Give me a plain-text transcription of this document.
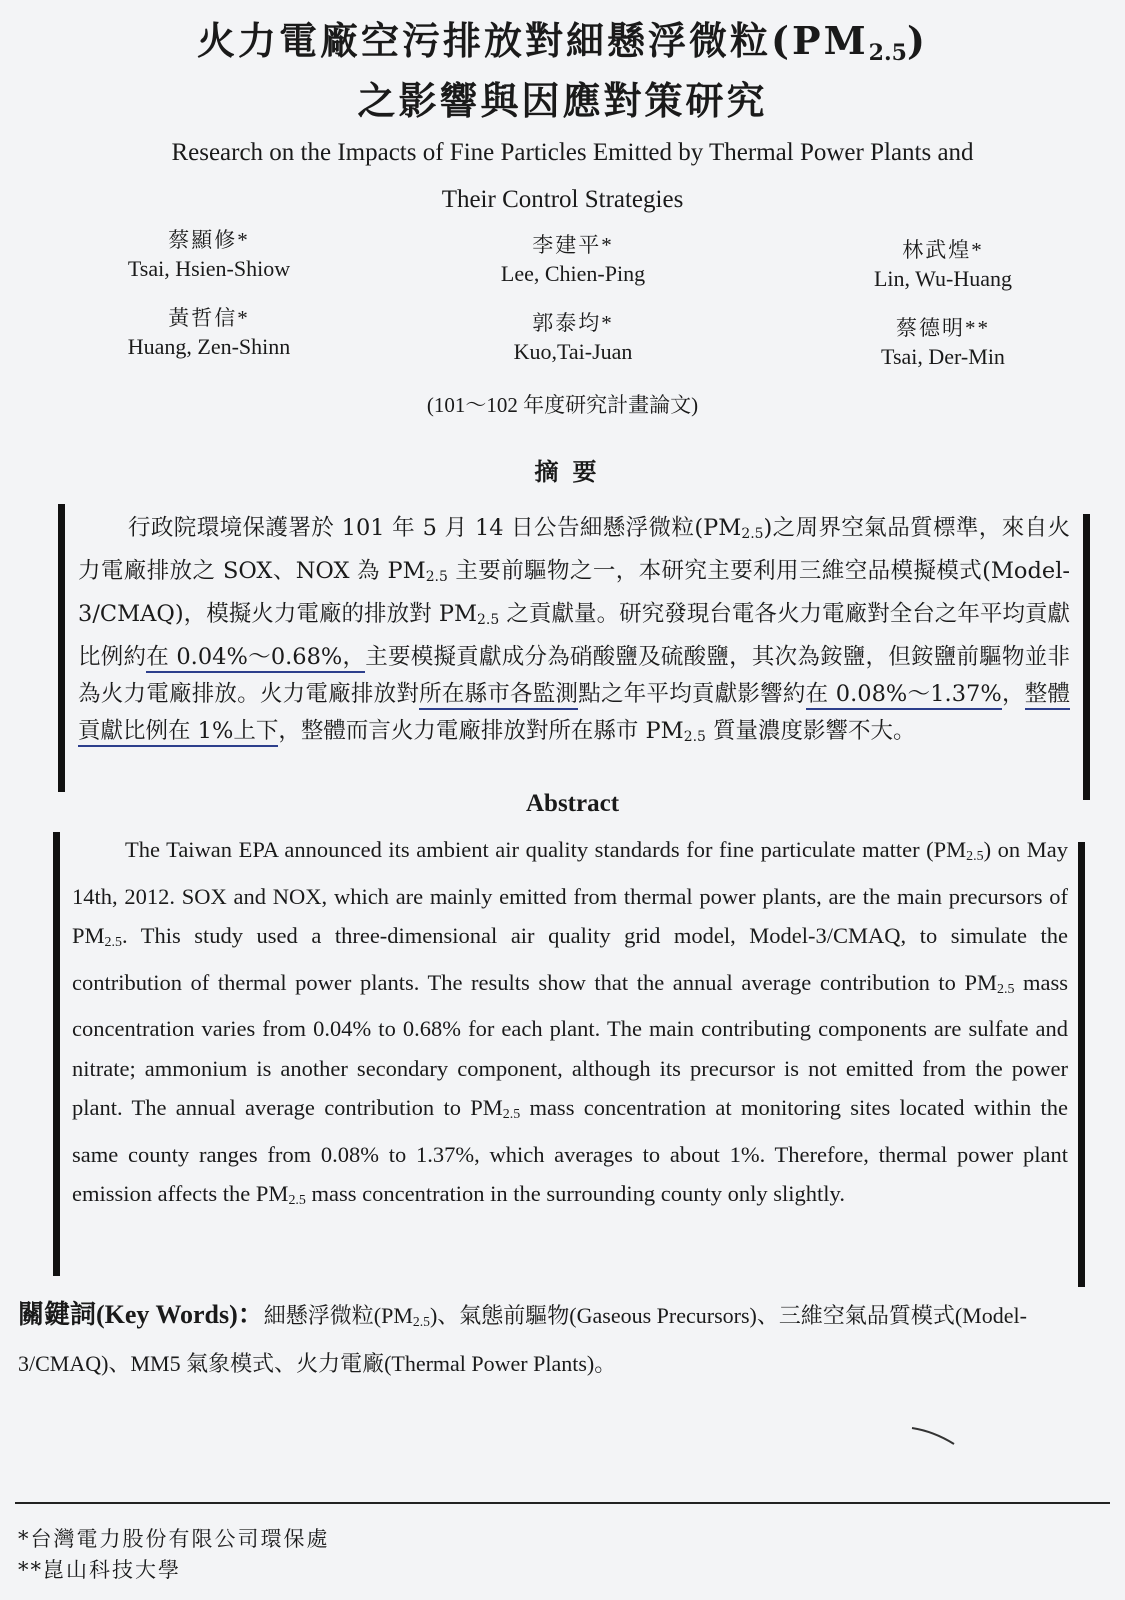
火力電廠空污排放對細懸浮微粒$(PM_{2.5})$
之影響與因應對策研究
Research on the Impacts of Fine Particles Emitted by Thermal Power Plants and
Their Control Strategies
蔡顯修*
Tsai, Hsien-Shiow
李建平*
Lee, Chien-Ping
林武煌*
Lin, Wu-Huang
黃哲信*
Huang, Zen-Shinn
郭泰均*
Kuo,Tai-Juan
蔡德明**
Tsai, Der-Min
(101～102 年度研究計畫論文)
摘要
行政院環境保護署於 101 年 5 月 14 日公告細懸浮微粒$(PM_{2.5})$之周界空氣品質標準，來自火力電廠排放之 SOX、NOX 為 $PM_{2.5}$ 主要前驅物之一，本研究主要利用三維空品模擬模式(Model-3/CMAQ)，模擬火力電廠的排放對 $PM_{2.5}$ 之貢獻量。研究發現台電各火力電廠對全台之年平均貢獻比例約在 0.04%～0.68%，主要模擬貢獻成分為硝酸鹽及硫酸鹽，其次為銨鹽，但銨鹽前驅物並非為火力電廠排放。火力電廠排放對所在縣市各監測點之年平均貢獻影響約在 0.08%～1.37%，整體貢獻比例在 1%上下，整體而言火力電廠排放對所在縣市 $PM_{2.5}$ 質量濃度影響不大。
Abstract
The Taiwan EPA announced its ambient air quality standards for fine particulate matter $(PM_{2.5})$ on May 14th, 2012. SOX and NOX, which are mainly emitted from thermal power plants, are the main precursors of $PM_{2.5}$. This study used a three-dimensional air quality grid model, Model-3/CMAQ, to simulate the contribution of thermal power plants. The results show that the annual average contribution to $PM_{2.5}$ mass concentration varies from 0.04% to 0.68% for each plant. The main contributing components are sulfate and nitrate; ammonium is another secondary component, although its precursor is not emitted from the power plant. The annual average contribution to $PM_{2.5}$ mass concentration at monitoring sites located within the same county ranges from 0.08% to 1.37%, which averages to about 1%. Therefore, thermal power plant emission affects the $PM_{2.5}$ mass concentration in the surrounding county only slightly.
關鍵詞(Key Words)：細懸浮微粒$(PM_{2.5})$、氣態前驅物(Gaseous Precursors)、三維空氣品質模式(Model-3/CMAQ)、MM5 氣象模式、火力電廠(Thermal Power Plants)。
*台灣電力股份有限公司環保處
**崑山科技大學
